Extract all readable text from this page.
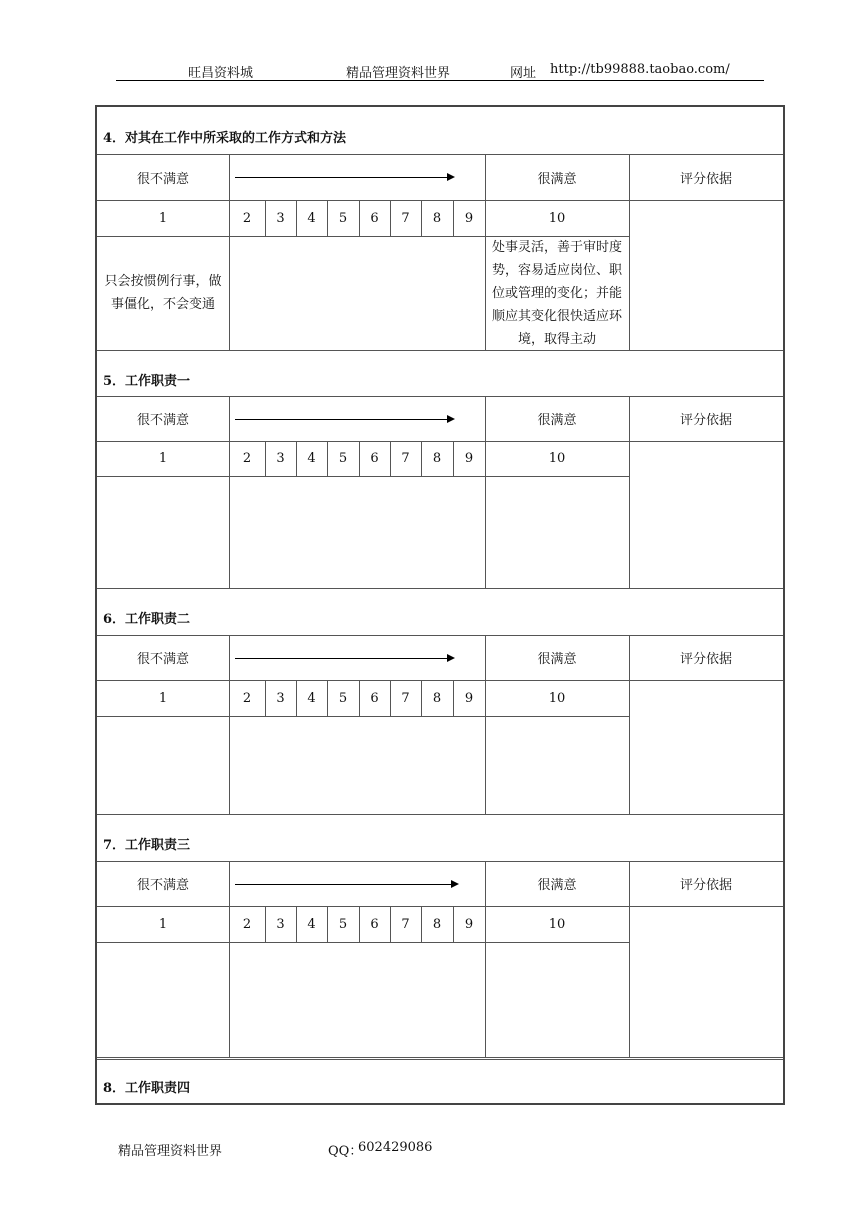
旺昌资料城	精品管理资料世界	网址 http://tb99888.taobao.com/
4．对其在工作中所采取的工作方式和方法
很不满意	很满意	评分依据
1	2	3	4	5	6	7	8	9	10
只会按惯例行事，做事僵化，不会变通
处事灵活，善于审时度势，容易适应岗位、职位或管理的变化；并能顺应其变化很快适应环境，取得主动
5．工作职责一
很不满意	很满意	评分依据
1	2	3	4	5	6	7	8	9	10
6．工作职责二
很不满意	很满意	评分依据
1	2	3	4	5	6	7	8	9	10
7．工作职责三
很不满意	很满意	评分依据
1	2	3	4	5	6	7	8	9	10
8．工作职责四
精品管理资料世界	QQ：
602429086
